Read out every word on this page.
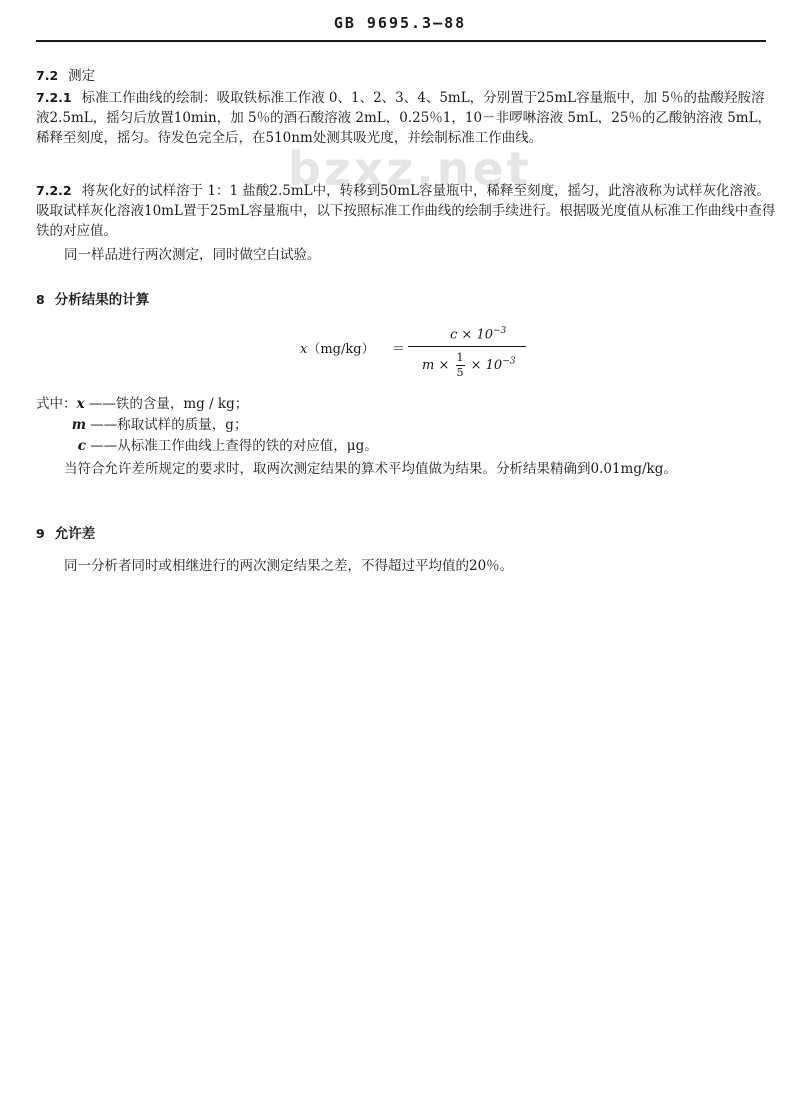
GB 9695.3—88
bzxz.net
7.2 测定
7.2.1 标准工作曲线的绘制：吸取铁标准工作液 0、1、2、3、4、5mL，分别置于25mL容量瓶中，加 5％的盐酸羟胺溶液2.5mL，摇匀后放置10min，加 5％的酒石酸溶液 2mL，0.25％1，10－非啰啉溶液 5mL，25％的乙酸钠溶液 5mL，稀释至刻度，摇匀。待发色完全后，在510nm处测其吸光度，并绘制标准工作曲线。
7.2.2 将灰化好的试样溶于 1：1 盐酸2.5mL中，转移到50mL容量瓶中，稀释至刻度，摇匀，此溶液称为试样灰化溶液。吸取试样灰化溶液10mL置于25mL容量瓶中，以下按照标准工作曲线的绘制手续进行。根据吸光度值从标准工作曲线中查得铁的对应值。
同一样品进行两次测定，同时做空白试验。
8 分析结果的计算
x（mg/kg） ＝
$c \times 10^{-3}$
$m \times \frac{1}{5} \times 10^{-3}$
式中：x ——铁的含量，mg / kg；
m ——称取试样的质量，g；
c ——从标准工作曲线上查得的铁的对应值，μg。
当符合允许差所规定的要求时，取两次测定结果的算术平均值做为结果。分析结果精确到0.01mg/kg。
9 允许差
同一分析者同时或相继进行的两次测定结果之差，不得超过平均值的20％。
